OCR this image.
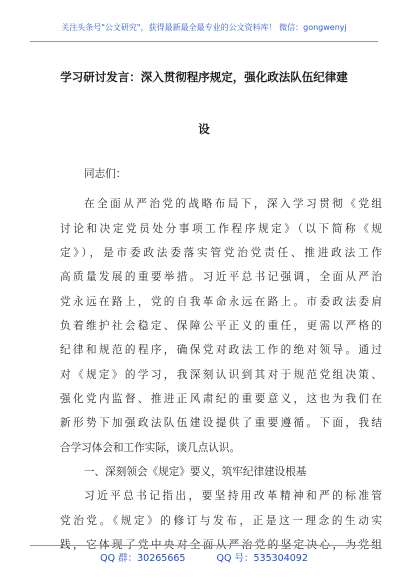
关注头条号"公文研究"，获得最新最全最专业的公文资料库！ 微信：gongwenyj
学习研讨发言：深入贯彻程序规定，强化政法队伍纪律建
设
同志们：
在全面从严治党的战略布局下，深入学习贯彻《党组
讨论和决定党员处分事项工作程序规定》（以下简称《规
定》），是市委政法委落实管党治党责任、推进政法工作
高质量发展的重要举措。习近平总书记强调，全面从严治
党永远在路上，党的自我革命永远在路上。市委政法委肩
负着维护社会稳定、保障公平正义的重任，更需以严格的
纪律和规范的程序，确保党对政法工作的绝对领导。通过
对《规定》的学习，我深刻认识到其对于规范党组决策、
强化党内监督、推进正风肃纪的重要意义，这也为我们在
新形势下加强政法队伍建设提供了重要遵循。下面，我结
合学习体会和工作实际，谈几点认识。
一、深刻领会《规定》要义，筑牢纪律建设根基
习近平总书记指出，要坚持用改革精神和严的标准管
党治党。《规定》的修订与发布，正是这一理念的生动实
践，它体现了党中央对全面从严治党的坚定决心，为党组
QQ 群：30265665	QQ 号：535304092
